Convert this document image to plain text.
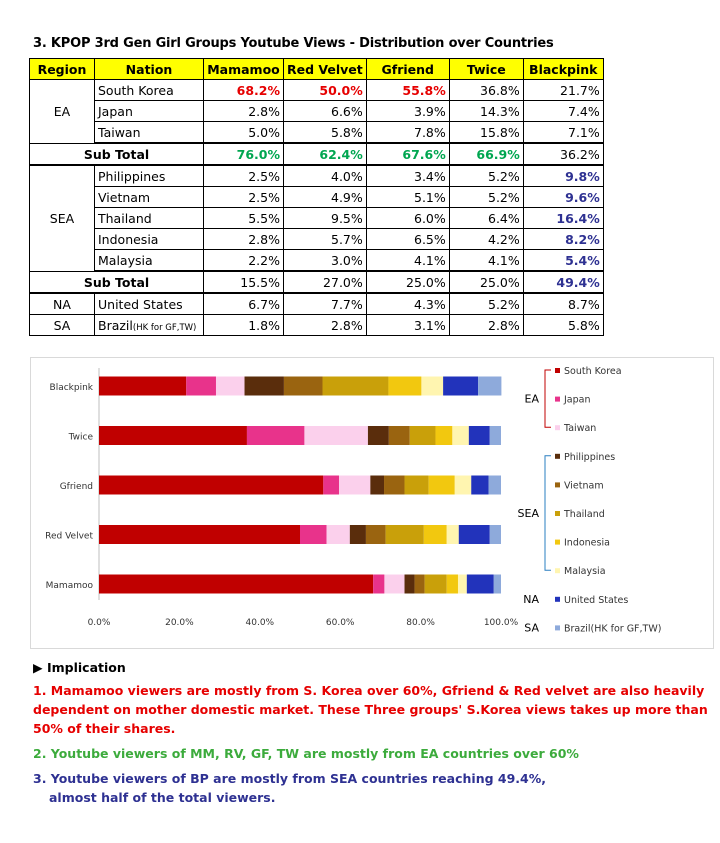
3. KPOP 3rd Gen Girl Groups Youtube Views - Distribution over Countries
Region	Nation	Mamamoo	Red Velvet	Gfriend	Twice	Blackpink
EA	South Korea	68.2%	50.0%	55.8%	36.8%	21.7%
	Japan	2.8%	6.6%	3.9%	14.3%	7.4%
	Taiwan	5.0%	5.8%	7.8%	15.8%	7.1%
Sub Total		76.0%	62.4%	67.6%	66.9%	36.2%
SEA	Philippines	2.5%	4.0%	3.4%	5.2%	9.8%
	Vietnam	2.5%	4.9%	5.1%	5.2%	9.6%
	Thailand	5.5%	9.5%	6.0%	6.4%	16.4%
	Indonesia	2.8%	5.7%	6.5%	4.2%	8.2%
	Malaysia	2.2%	3.0%	4.1%	4.1%	5.4%
Sub Total		15.5%	27.0%	25.0%	25.0%	49.4%
NA	United States	6.7%	7.7%	4.3%	5.2%	8.7%
SA	Brazil(HK for GF,TW)	1.8%	2.8%	3.1%	2.8%	5.8%
Blackpink
Twice
Gfriend
Red Velvet
Mamamoo
0.0%	20.0%	40.0%	60.0%	80.0%	100.0%
South Korea
Japan
Taiwan
Philippines
Vietnam
Thailand
Indonesia
Malaysia
United States
Brazil(HK for GF,TW)
EA
SEA
NA
SA
▶ Implication

1. Mamamoo viewers are mostly from S. Korea over 60%, Gfriend & Red velvet are also heavily dependent on mother domestic market. These Three groups' S.Korea views takes up more than 50% of their shares.

2. Youtube viewers of MM, RV, GF, TW are mostly from EA countries over 60%

3. Youtube viewers of BP are mostly from SEA countries reaching 49.4%,
almost half of the total viewers.
